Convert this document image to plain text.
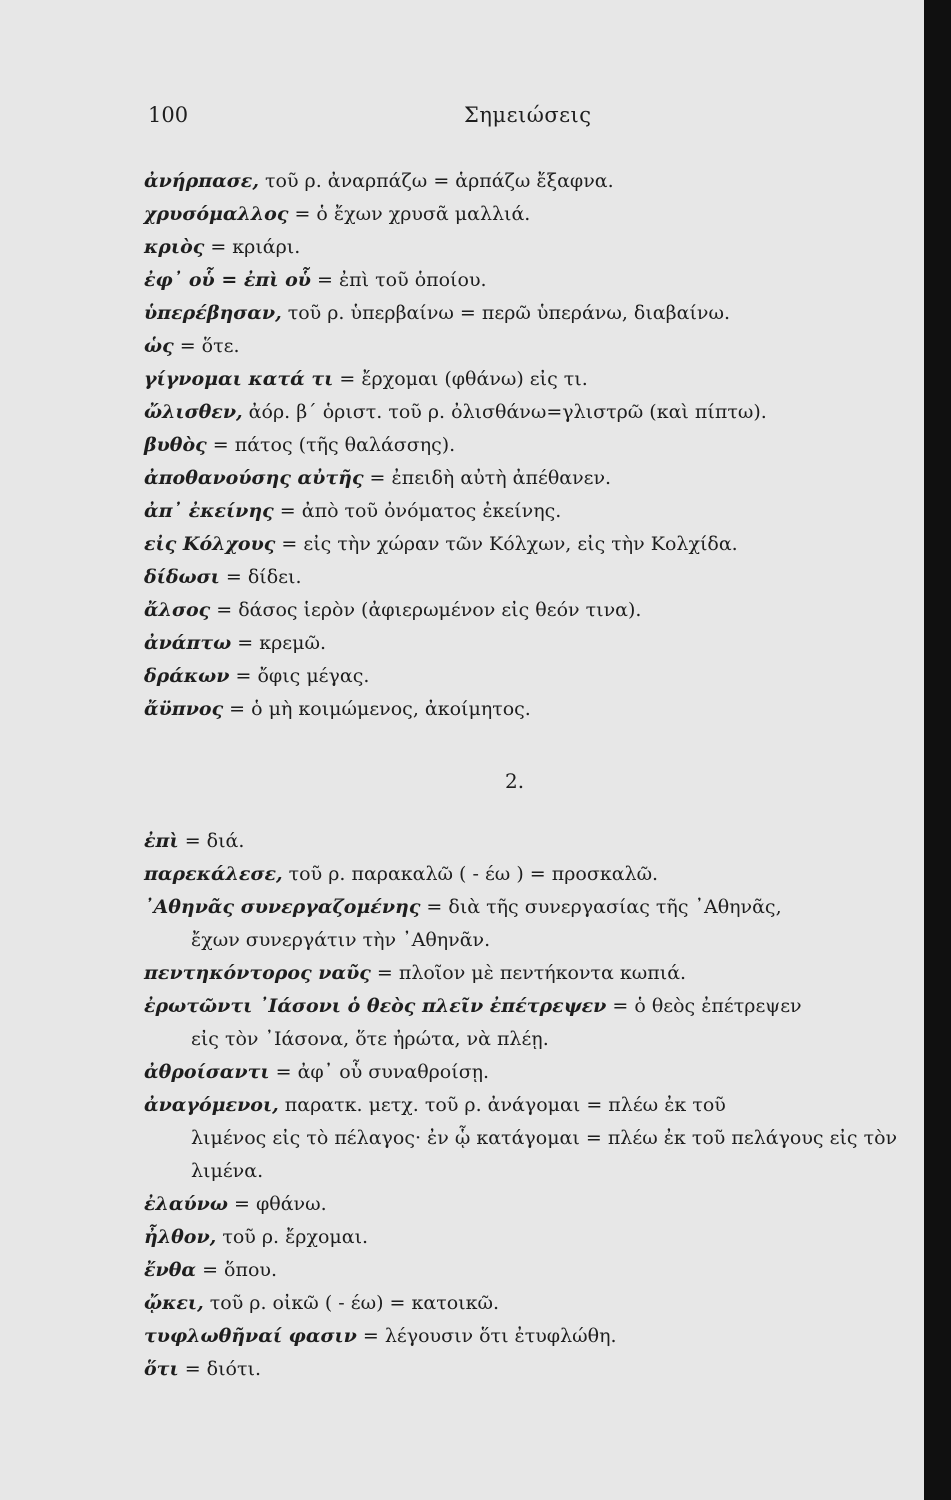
100	Σημειώσεις
ἀνήρπασε, τοῦ ρ. ἀναρπάζω = ἁρπάζω ἔξαφνα.
χρυσόμαλλος = ὁ ἔχων χρυσᾶ μαλλιά.
κριὸς = κριάρι.
ἐφ᾿ οὗ = ἐπὶ οὗ = ἐπὶ τοῦ ὁποίου.
ὑπερέβησαν, τοῦ ρ. ὑπερβαίνω = περῶ ὑπεράνω, διαβαίνω.
ὡς = ὅτε.
γίγνομαι κατά τι = ἔρχομαι (φθάνω) εἰς τι.
ὤλισθεν, ἀόρ. β΄ ὁριστ. τοῦ ρ. ὀλισθάνω=γλιστρῶ (καὶ πίπτω).
βυθὸς = πάτος (τῆς θαλάσσης).
ἀποθανούσης αὐτῆς = ἐπειδὴ αὐτὴ ἀπέθανεν.
ἀπ᾿ ἐκείνης = ἀπὸ τοῦ ὀνόματος ἐκείνης.
εἰς Κόλχους = εἰς τὴν χώραν τῶν Κόλχων, εἰς τὴν Κολχίδα.
δίδωσι = δίδει.
ἄλσος = δάσος ἱερὸν (ἀφιερωμένον εἰς θεόν τινα).
ἀνάπτω = κρεμῶ.
δράκων = ὄφις μέγας.
ἄϋπνος = ὁ μὴ κοιμώμενος, ἀκοίμητος.
2.
ἐπὶ = διά.
παρεκάλεσε, τοῦ ρ. παρακαλῶ ( - έω ) = προσκαλῶ.
᾿Αθηνᾶς συνεργαζομένης = διὰ τῆς συνεργασίας τῆς ᾿Αθηνᾶς,
ἔχων συνεργάτιν τὴν ᾿Αθηνᾶν.
πεντηκόντορος ναῦς = πλοῖον μὲ πεντήκοντα κωπιά.
ἐρωτῶντι ᾿Ιάσονι ὁ θεὸς πλεῖν ἐπέτρεψεν = ὁ θεὸς ἐπέτρεψεν
εἰς τὸν ᾿Ιάσονα, ὅτε ἠρώτα, νὰ πλέῃ.
ἀθροίσαντι = ἀφ᾿ οὗ συναθροίσῃ.
ἀναγόμενοι, παρατκ. μετχ. τοῦ ρ. ἀνάγομαι = πλέω ἐκ τοῦ
λιμένος εἰς τὸ πέλαγος· ἐν ᾧ κατάγομαι = πλέω ἐκ τοῦ πελάγους εἰς τὸν λιμένα.
ἐλαύνω = φθάνω.
ἦλθον, τοῦ ρ. ἔρχομαι.
ἔνθα = ὅπου.
ᾤκει, τοῦ ρ. οἰκῶ ( - έω) = κατοικῶ.
τυφλωθῆναί φασιν = λέγουσιν ὅτι ἐτυφλώθη.
ὅτι = διότι.
